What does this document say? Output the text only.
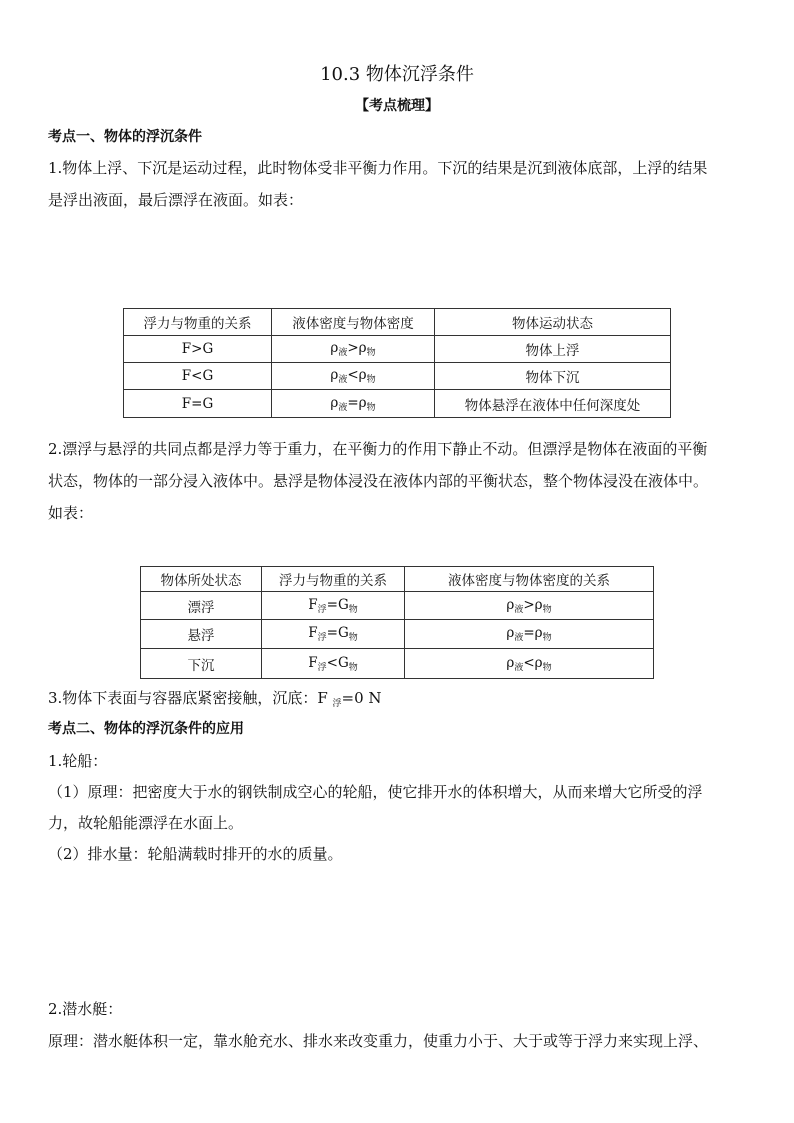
10.3 物体沉浮条件
【考点梳理】
考点一、物体的浮沉条件
1.物体上浮、下沉是运动过程，此时物体受非平衡力作用。下沉的结果是沉到液体底部，上浮的结果
是浮出液面，最后漂浮在液面。如表：
浮力与物重的关系	液体密度与物体密度	物体运动状态
F>G	$\rho_液>\rho_物$	物体上浮
F<G	$\rho_液<\rho_物$	物体下沉
F=G	$\rho_液=\rho_物$	物体悬浮在液体中任何深度处
2.漂浮与悬浮的共同点都是浮力等于重力，在平衡力的作用下静止不动。但漂浮是物体在液面的平衡
状态，物体的一部分浸入液体中。悬浮是物体浸没在液体内部的平衡状态，整个物体浸没在液体中。
如表：
物体所处状态	浮力与物重的关系	液体密度与物体密度的关系
漂浮	$F_浮=G_物$	$\rho_液>\rho_物$
悬浮	$F_浮=G_物$	$\rho_液=\rho_物$
下沉	$F_浮<G_物$	$\rho_液<\rho_物$
3.物体下表面与容器底紧密接触，沉底：F $_浮$=0 N
考点二、物体的浮沉条件的应用
1.轮船：
（1）原理：把密度大于水的钢铁制成空心的轮船，使它排开水的体积增大，从而来增大它所受的浮
力，故轮船能漂浮在水面上。
（2）排水量：轮船满载时排开的水的质量。
2.潜水艇：
原理：潜水艇体积一定，靠水舱充水、排水来改变重力，使重力小于、大于或等于浮力来实现上浮、
